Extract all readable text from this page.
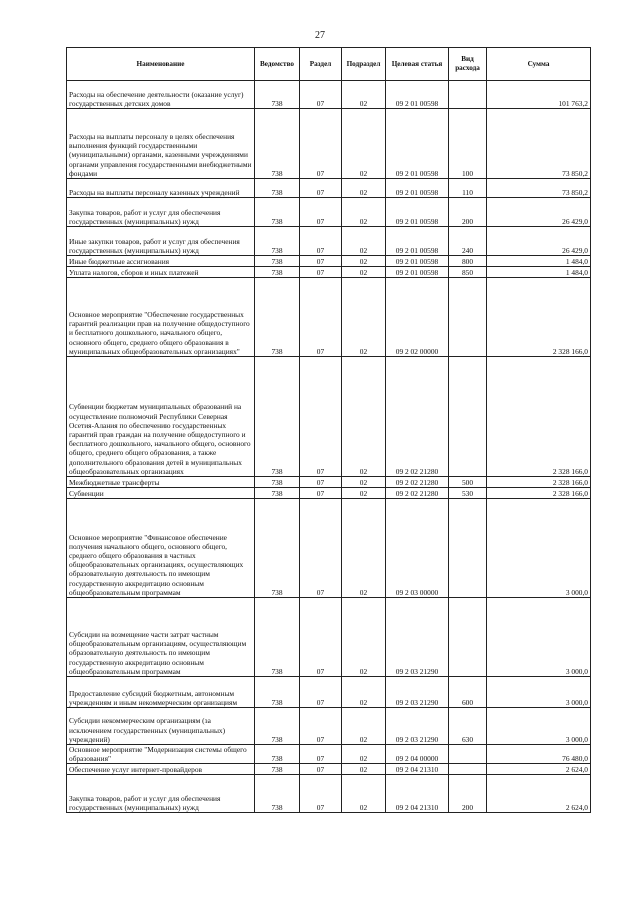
27
Наименование	Ведомство	Раздел	Подраздел	Целевая статья	Вид расхода	Сумма
Расходы на обеспечение деятельности (оказание услуг) государственных детских домов	738	07	02	09 2 01 00598		101 763,2
Расходы на выплаты персоналу в целях обеспечения выполнения функций государственными (муниципальными) органами, казенными учреждениями органами управления государственными внебюджетными фондами	738	07	02	09 2 01 00598	100	73 850,2
Расходы на выплаты персоналу казенных учреждений	738	07	02	09 2 01 00598	110	73 850,2
Закупка товаров, работ и услуг для обеспечения государственных (муниципальных) нужд	738	07	02	09 2 01 00598	200	26 429,0
Иные закупки товаров, работ и услуг для обеспечения государственных (муниципальных) нужд	738	07	02	09 2 01 00598	240	26 429,0
Иные бюджетные ассигнования	738	07	02	09 2 01 00598	800	1 484,0
Уплата налогов, сборов и иных платежей	738	07	02	09 2 01 00598	850	1 484,0
Основное мероприятие "Обеспечение государственных гарантий реализации прав на получение общедоступного и бесплатного дошкольного, начального общего, основного общего, среднего общего образования в муниципальных общеобразовательных организациях"	738	07	02	09 2 02 00000		2 328 166,0
Субвенции бюджетам муниципальных образований на осуществление полномочий Республики Северная Осетия-Алания по обеспечению государственных гарантий прав граждан на получение общедоступного и бесплатного дошкольного, начального общего, основного общего, среднего общего образования, а также дополнительного образования детей в муниципальных общеобразовательных организациях	738	07	02	09 2 02 21280		2 328 166,0
Межбюджетные трансферты	738	07	02	09 2 02 21280	500	2 328 166,0
Субвенции	738	07	02	09 2 02 21280	530	2 328 166,0
Основное мероприятие "Финансовое обеспечение получения начального общего, основного общего, среднего общего образования в частных общеобразовательных организациях, осуществляющих образовательную деятельность по имеющим государственную аккредитацию основным общеобразовательным программам	738	07	02	09 2 03 00000		3 000,0
Субсидии на возмещение части затрат частным общеобразовательным организациям, осуществляющим образовательную деятельность по имеющим государственную аккредитацию основным общеобразовательным программам	738	07	02	09 2 03 21290		3 000,0
Предоставление субсидий бюджетным, автономным учреждениям и иным некоммерческим организациям	738	07	02	09 2 03 21290	600	3 000,0
Субсидии некоммерческим организациям (за исключением государственных (муниципальных) учреждений)	738	07	02	09 2 03 21290	630	3 000,0
Основное мероприятие "Модернизация системы общего образования"	738	07	02	09 2 04 00000		76 480,0
Обеспечение услуг интернет-провайдеров	738	07	02	09 2 04 21310		2 624,0
Закупка товаров, работ и услуг для обеспечения государственных (муниципальных) нужд	738	07	02	09 2 04 21310	200	2 624,0
